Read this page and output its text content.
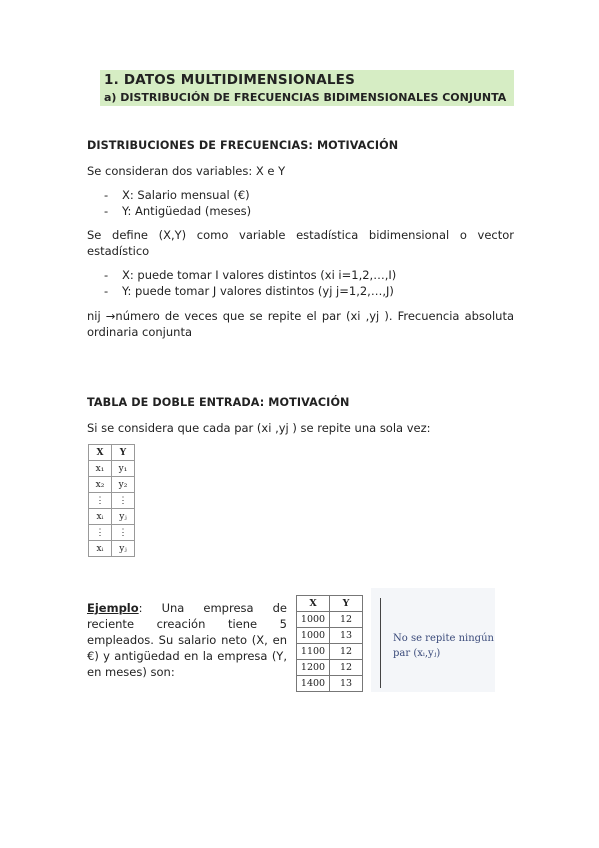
1. DATOS MULTIDIMENSIONALES
a) DISTRIBUCIÓN DE FRECUENCIAS BIDIMENSIONALES CONJUNTA
DISTRIBUCIONES DE FRECUENCIAS: MOTIVACIÓN
Se consideran dos variables: X e Y
- X: Salario mensual (€)
- Y: Antigüedad (meses)
Se define (X,Y) como variable estadística bidimensional o vector estadístico
- X: puede tomar I valores distintos (xi i=1,2,…,I)
- Y: puede tomar J valores distintos (yj j=1,2,…,J)
nij →número de veces que se repite el par (xi ,yj ). Frecuencia absoluta ordinaria conjunta
TABLA DE DOBLE ENTRADA: MOTIVACIÓN
Si se considera que cada par (xi ,yj ) se repite una sola vez:
X	Y
x₁	y₁
x₂	y₂
⋮	⋮
xᵢ	yⱼ
⋮	⋮
xᵢ	yⱼ
Ejemplo: Una empresa de reciente creación tiene 5 empleados. Su salario neto (X, en €) y antigüedad en la empresa (Y, en meses) son:
X	Y
1000	12
1000	13
1100	12
1200	12
1400	13
No se repite ningún par (xᵢ,yⱼ)
